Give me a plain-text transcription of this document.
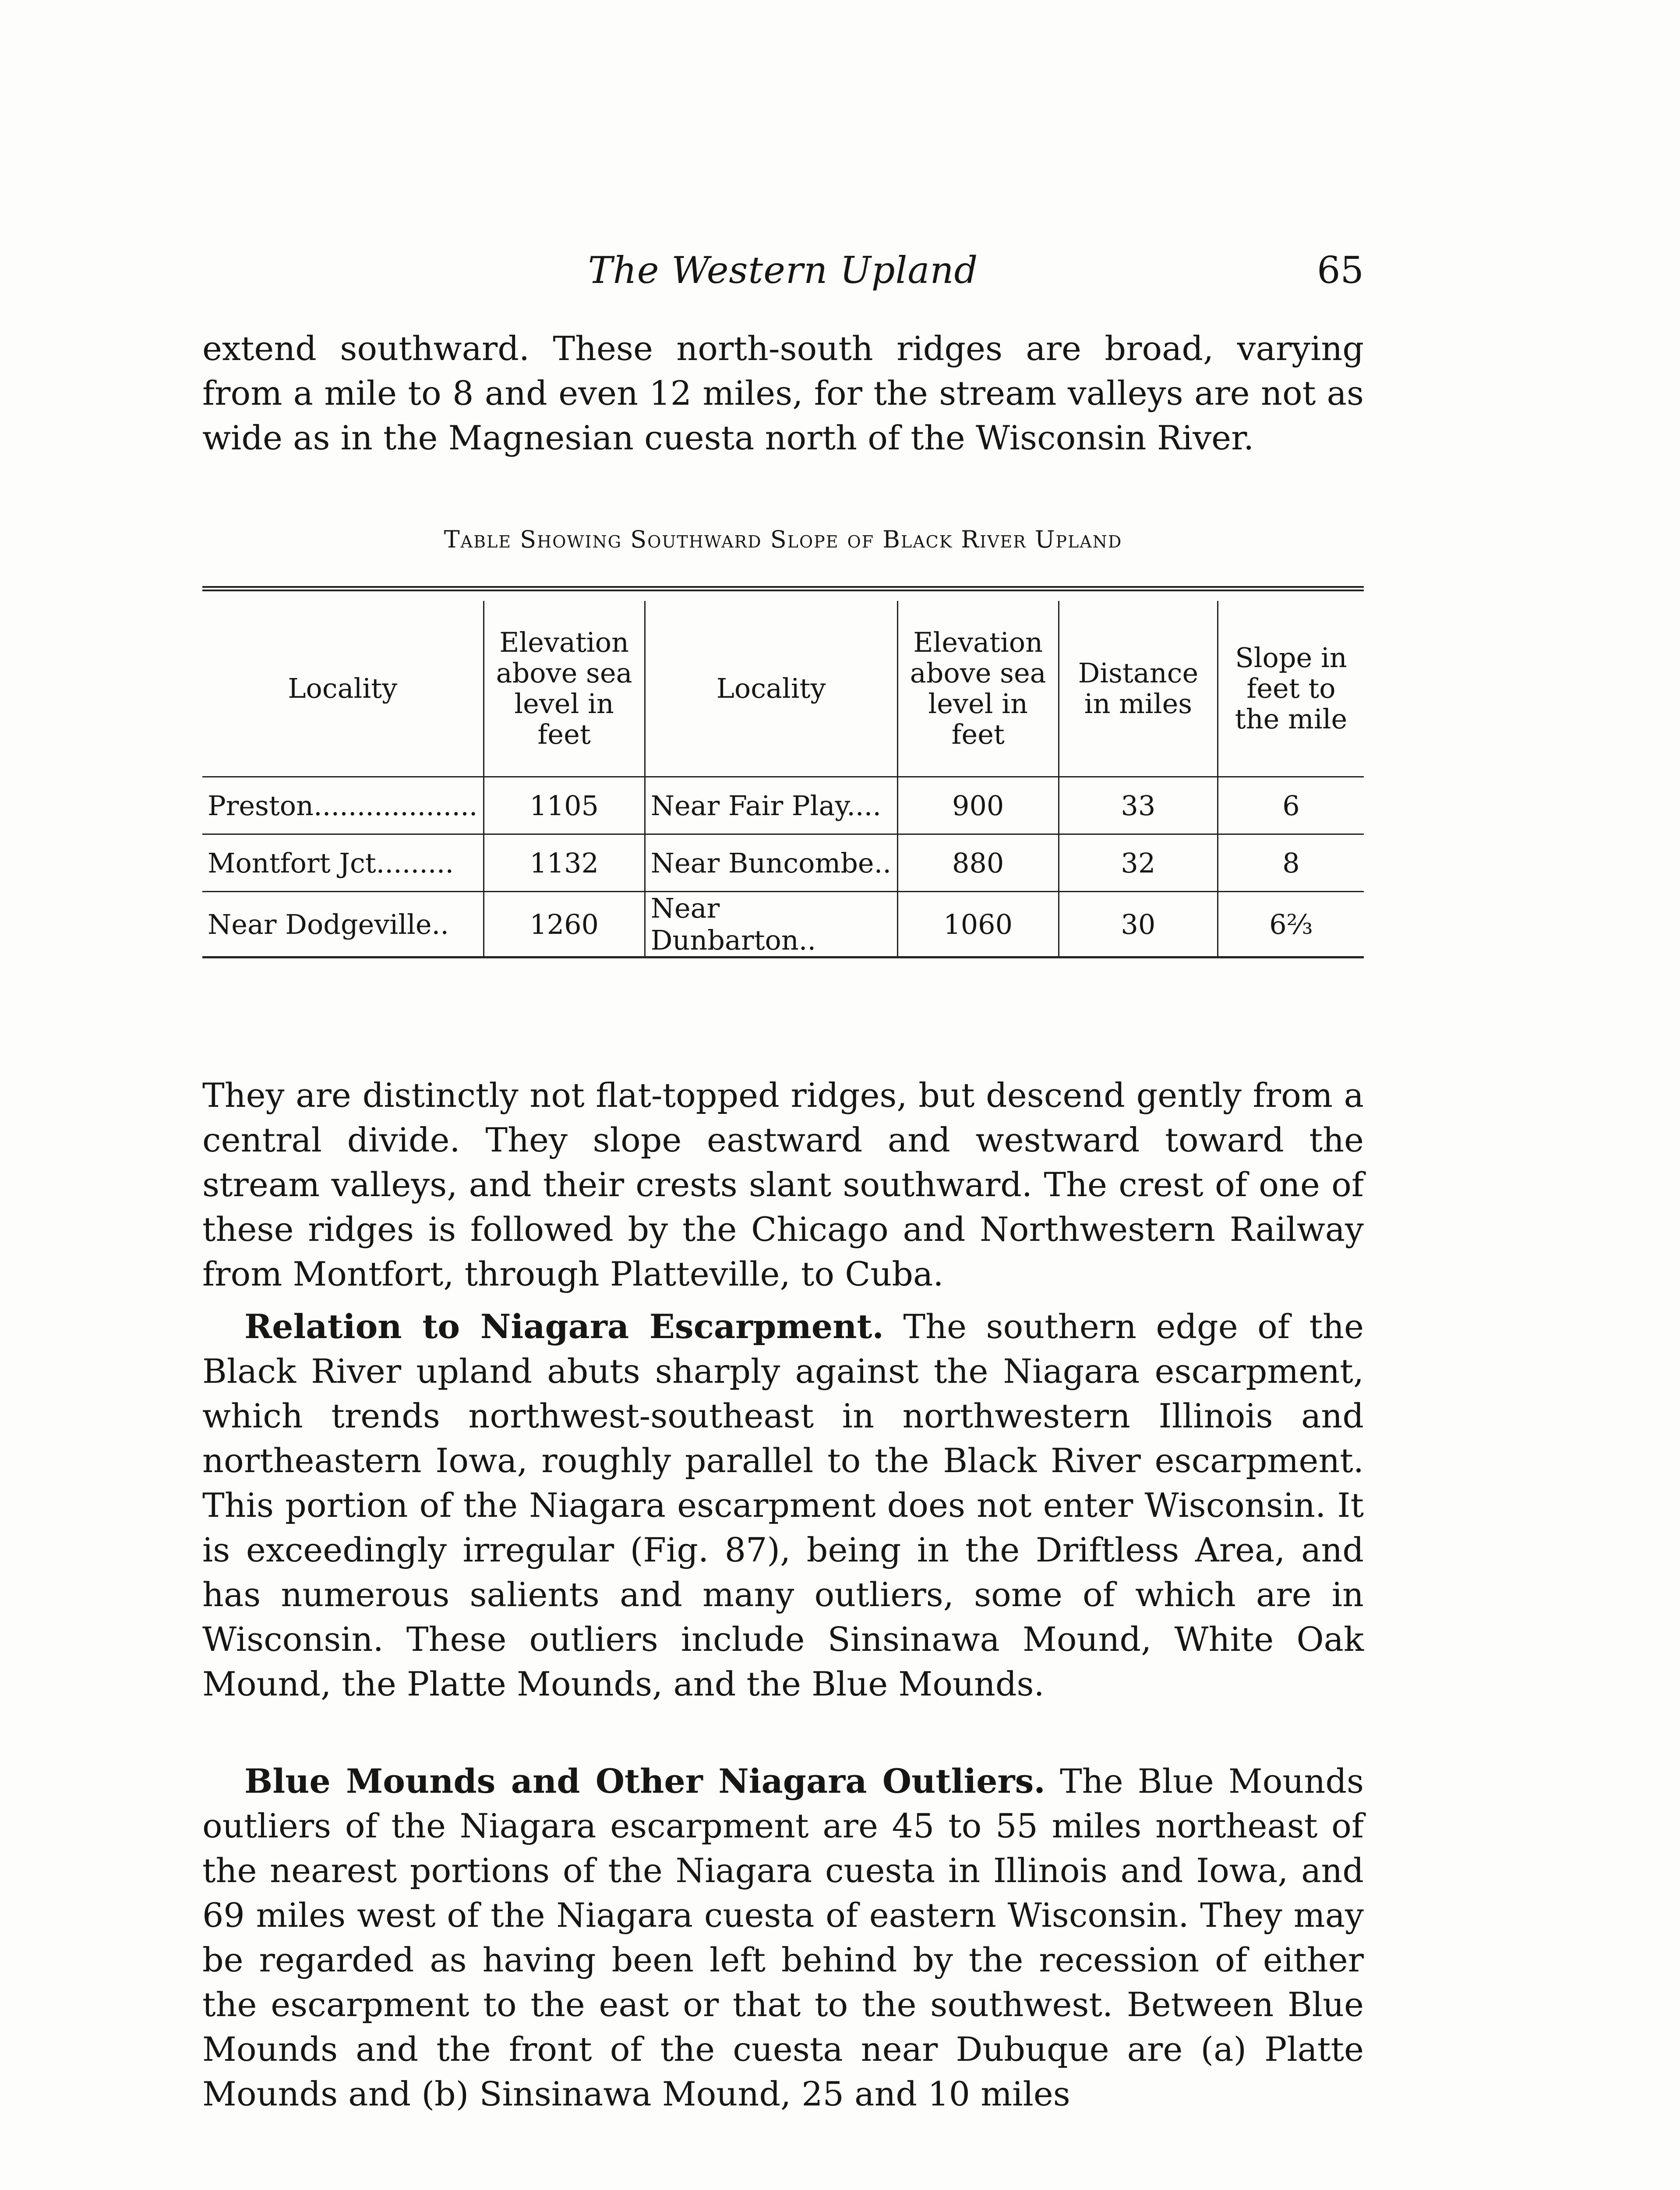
The Western Upland	65

extend southward. These north-south ridges are broad, varying from a mile to 8 and even 12 miles, for the stream valleys are not as wide as in the Magnesian cuesta north of the Wisconsin River.

Table Showing Southward Slope of Black River Upland
Locality	Elevation above sea level in feet	Locality	Elevation above sea level in feet	Distance in miles	Slope in feet to the mile
Preston...................	1105	Near Fair Play....	900	33	6
Montfort Jct.........	1132	Near Buncombe..	880	32	8
Near Dodgeville..	1260	Near Dunbarton..	1060	30	6⅔

They are distinctly not flat-topped ridges, but descend gently from a central divide. They slope eastward and westward toward the stream valleys, and their crests slant southward. The crest of one of these ridges is followed by the Chicago and Northwestern Railway from Montfort, through Platteville, to Cuba.

Relation to Niagara Escarpment. The southern edge of the Black River upland abuts sharply against the Niagara escarpment, which trends northwest-southeast in northwestern Illinois and northeastern Iowa, roughly parallel to the Black River escarpment. This portion of the Niagara escarpment does not enter Wisconsin. It is exceedingly irregular (Fig. 87), being in the Driftless Area, and has numerous salients and many outliers, some of which are in Wisconsin. These outliers include Sinsinawa Mound, White Oak Mound, the Platte Mounds, and the Blue Mounds.

Blue Mounds and Other Niagara Outliers. The Blue Mounds outliers of the Niagara escarpment are 45 to 55 miles northeast of the nearest portions of the Niagara cuesta in Illinois and Iowa, and 69 miles west of the Niagara cuesta of eastern Wisconsin. They may be regarded as having been left behind by the recession of either the escarpment to the east or that to the southwest. Between Blue Mounds and the front of the cuesta near Dubuque are (a) Platte Mounds and (b) Sinsinawa Mound, 25 and 10 miles
